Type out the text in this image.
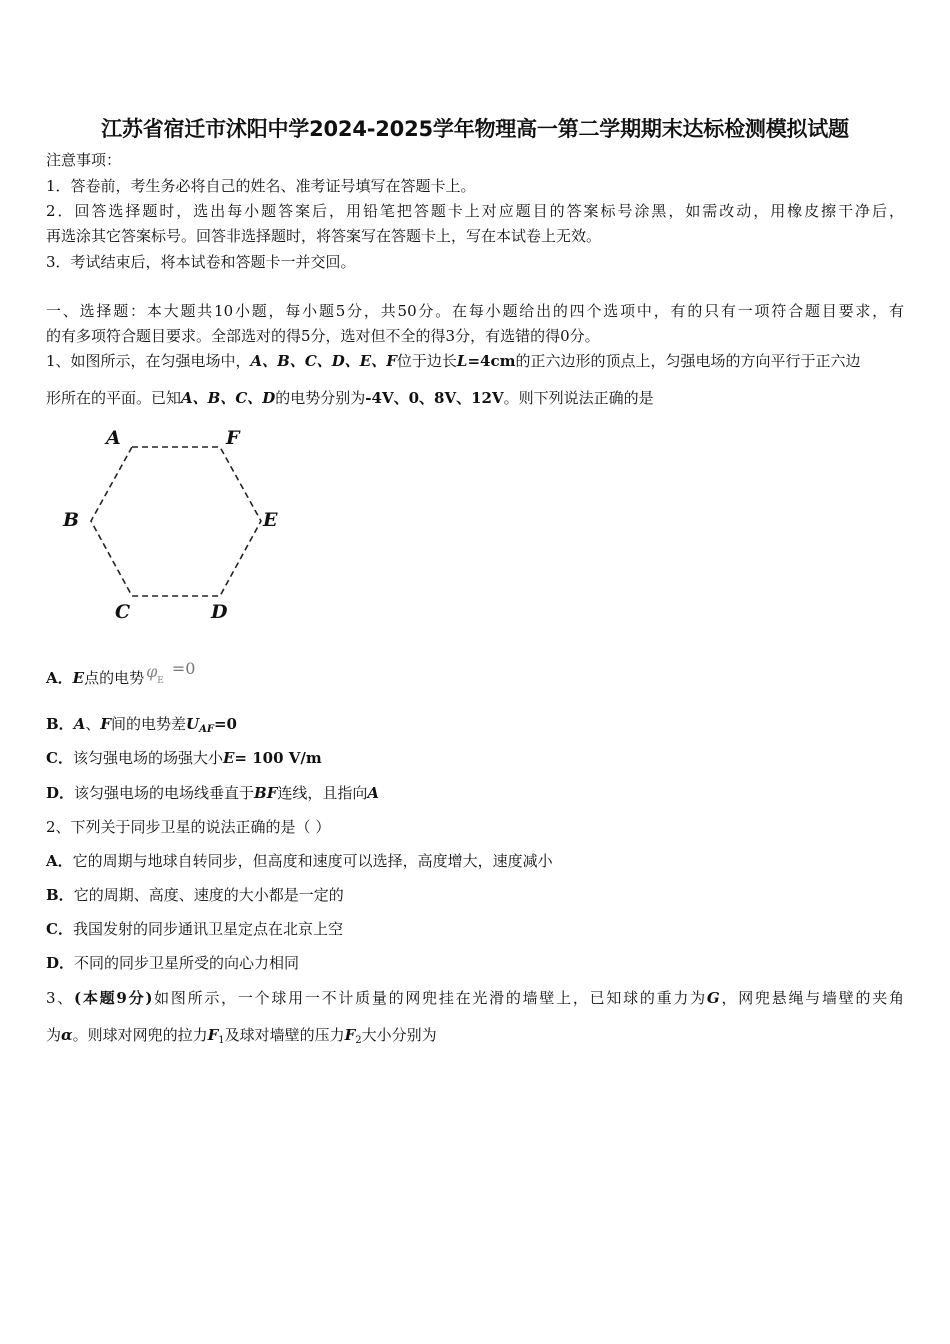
江苏省宿迁市沭阳中学2024-2025学年物理高一第二学期期末达标检测模拟试题
注意事项：
1．答卷前，考生务必将自己的姓名、准考证号填写在答题卡上。
2．回答选择题时，选出每小题答案后，用铅笔把答题卡上对应题目的答案标号涂黑，如需改动，用橡皮擦干净后，
再选涂其它答案标号。回答非选择题时，将答案写在答题卡上，写在本试卷上无效。
3．考试结束后，将本试卷和答题卡一并交回。
一、选择题：本大题共10小题，每小题5分，共50分。在每小题给出的四个选项中，有的只有一项符合题目要求，有
的有多项符合题目要求。全部选对的得5分，选对但不全的得3分，有选错的得0分。
1、如图所示，在匀强电场中，A、B、C、D、E、F位于边长L=4cm的正六边形的顶点上，匀强电场的方向平行于正六边
形所在的平面。已知A、B、C、D的电势分别为-4V、0、8V、12V。则下列说法正确的是
A	F
B	E
C	D
A．E点的电势 φE=0
B．A、F间的电势差$U_{AF}=0$
C．该匀强电场的场强大小E= 100 V/m
D．该匀强电场的电场线垂直于BF连线，且指向A
2、下列关于同步卫星的说法正确的是（ ）
A．它的周期与地球自转同步，但高度和速度可以选择，高度增大，速度减小
B．它的周期、高度、速度的大小都是一定的
C．我国发射的同步通讯卫星定点在北京上空
D．不同的同步卫星所受的向心力相同
3、(本题9分)如图所示，一个球用一不计质量的网兜挂在光滑的墙壁上，已知球的重力为G，网兜悬绳与墙壁的夹角
为α。则球对网兜的拉力$F_1$及球对墙壁的压力$F_2$大小分别为
